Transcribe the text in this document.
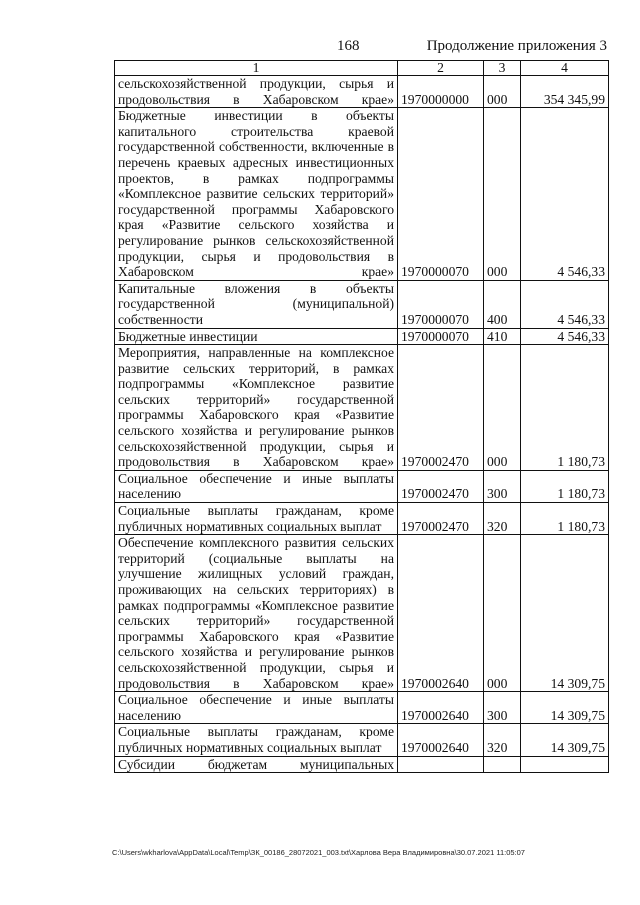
168	Продолжение приложения 3
1	2	3	4
сельскохозяйственной продукции, сырья и продовольствия в Хабаровском крае»	1970000000	000	354 345,99
Бюджетные инвестиции в объекты капитального строительства краевой государственной собственности, включенные в перечень краевых адресных инвестиционных проектов, в рамках подпрограммы «Комплексное развитие сельских территорий» государственной программы Хабаровского края «Развитие сельского хозяйства и регулирование рынков сельскохозяйственной продукции, сырья и продовольствия в Хабаровском крае»	1970000070	000	4 546,33
Капитальные вложения в объекты государственной (муниципальной) собственности	1970000070	400	4 546,33
Бюджетные инвестиции	1970000070	410	4 546,33
Мероприятия, направленные на комплексное развитие сельских территорий, в рамках подпрограммы «Комплексное развитие сельских территорий» государственной программы Хабаровского края «Развитие сельского хозяйства и регулирование рынков сельскохозяйственной продукции, сырья и продовольствия в Хабаровском крае»	1970002470	000	1 180,73
Социальное обеспечение и иные выплаты населению	1970002470	300	1 180,73
Социальные выплаты гражданам, кроме публичных нормативных социальных выплат	1970002470	320	1 180,73
Обеспечение комплексного развития сельских территорий (социальные выплаты на улучшение жилищных условий граждан, проживающих на сельских территориях) в рамках подпрограммы «Комплексное развитие сельских территорий» государственной программы Хабаровского края «Развитие сельского хозяйства и регулирование рынков сельскохозяйственной продукции, сырья и продовольствия в Хабаровском крае»	1970002640	000	14 309,75
Социальное обеспечение и иные выплаты населению	1970002640	300	14 309,75
Социальные выплаты гражданам, кроме публичных нормативных социальных выплат	1970002640	320	14 309,75
Субсидии бюджетам муниципальных			
C:\Users\wkharlova\AppData\Local\Temp\ЗК_00186_28072021_003.txt\Харлова Вера Владимировна\30.07.2021 11:05:07
